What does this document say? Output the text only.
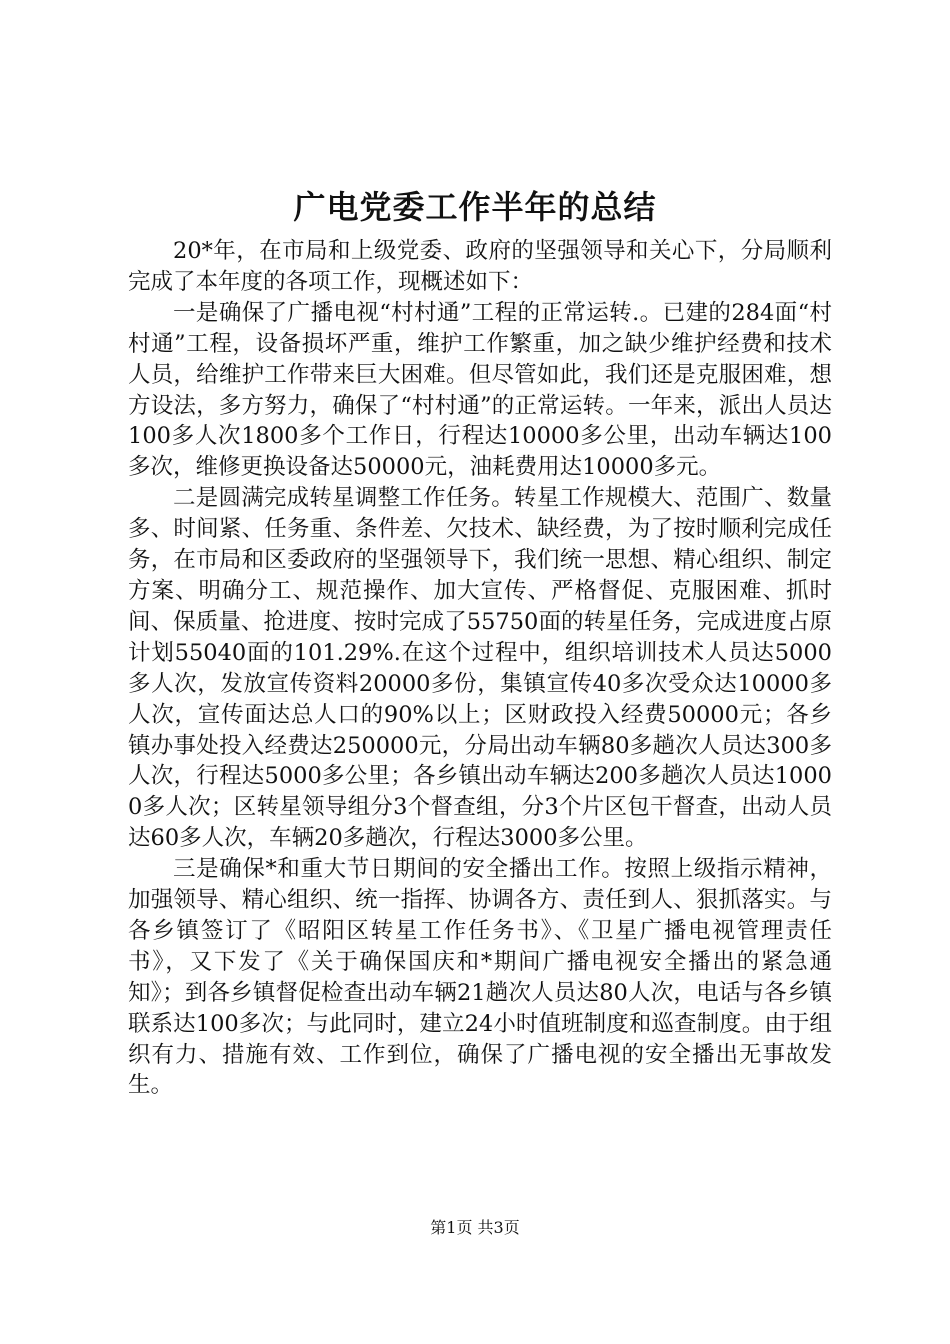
广电党委工作半年的总结

20*年，在市局和上级党委、政府的坚强领导和关心下，分局顺利完成了本年度的各项工作，现概述如下：

一是确保了广播电视“村村通”工程的正常运转.。已建的284面“村村通”工程，设备损坏严重，维护工作繁重，加之缺少维护经费和技术人员，给维护工作带来巨大困难。但尽管如此，我们还是克服困难，想方设法，多方努力，确保了“村村通”的正常运转。一年来，派出人员达100多人次1800多个工作日，行程达10000多公里，出动车辆达100多次，维修更换设备达50000元，油耗费用达10000多元。

二是圆满完成转星调整工作任务。转星工作规模大、范围广、数量多、时间紧、任务重、条件差、欠技术、缺经费，为了按时顺利完成任务，在市局和区委政府的坚强领导下，我们统一思想、精心组织、制定方案、明确分工、规范操作、加大宣传、严格督促、克服困难、抓时间、保质量、抢进度、按时完成了55750面的转星任务，完成进度占原计划55040面的101.29%.在这个过程中，组织培训技术人员达5000多人次，发放宣传资料20000多份，集镇宣传40多次受众达10000多人次，宣传面达总人口的90%以上；区财政投入经费50000元；各乡镇办事处投入经费达250000元，分局出动车辆80多趟次人员达300多人次，行程达5000多公里；各乡镇出动车辆达200多趟次人员达10000多人次；区转星领导组分3个督查组，分3个片区包干督查，出动人员达60多人次，车辆20多趟次，行程达3000多公里。

三是确保*和重大节日期间的安全播出工作。按照上级指示精神，加强领导、精心组织、统一指挥、协调各方、责任到人、狠抓落实。与各乡镇签订了《昭阳区转星工作任务书》、《卫星广播电视管理责任书》，又下发了《关于确保国庆和*期间广播电视安全播出的紧急通知》；到各乡镇督促检查出动车辆21趟次人员达80人次，电话与各乡镇联系达100多次；与此同时，建立24小时值班制度和巡查制度。由于组织有力、措施有效、工作到位，确保了广播电视的安全播出无事故发生。

第1页 共3页
